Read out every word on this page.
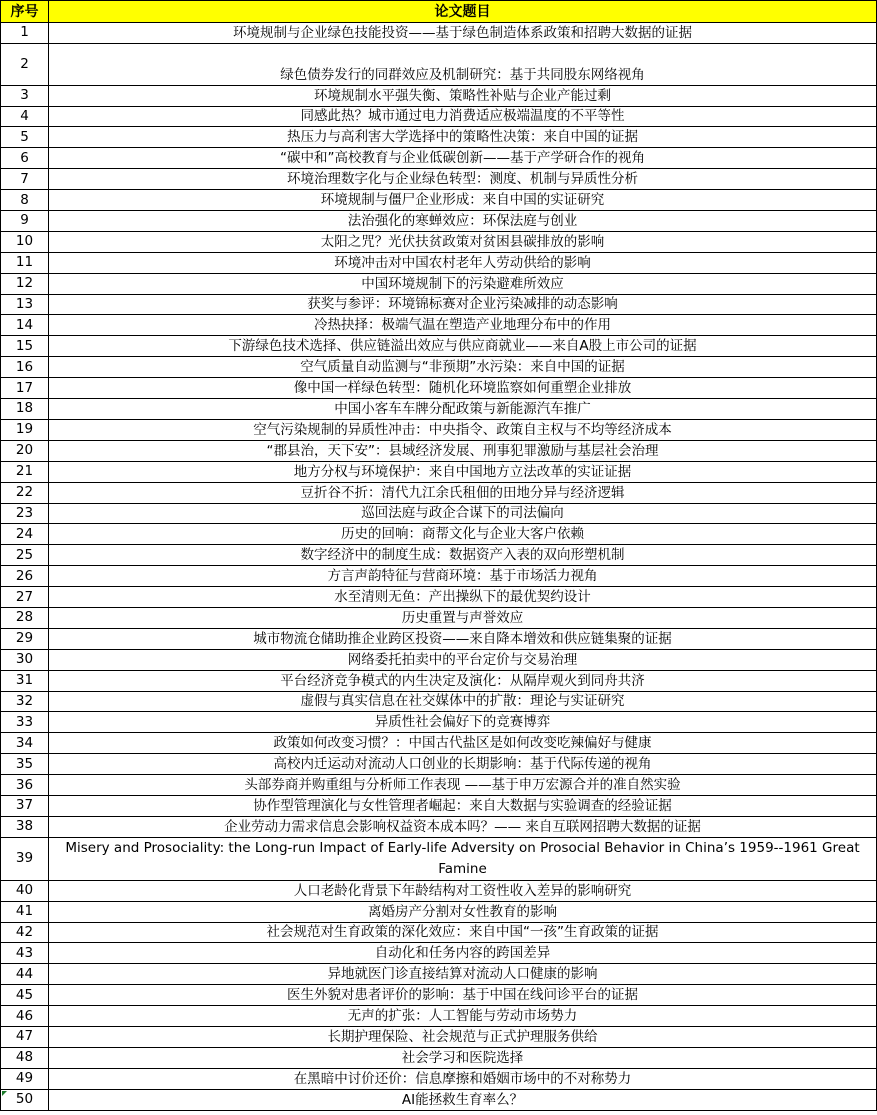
序号	论文题目
1	环境规制与企业绿色技能投资——基于绿色制造体系政策和招聘大数据的证据
2	绿色债券发行的同群效应及机制研究：基于共同股东网络视角
3	环境规制水平强失衡、策略性补贴与企业产能过剩
4	同感此热？城市通过电力消费适应极端温度的不平等性
5	热压力与高利害大学选择中的策略性决策：来自中国的证据
6	“碳中和”高校教育与企业低碳创新——基于产学研合作的视角
7	环境治理数字化与企业绿色转型：测度、机制与异质性分析
8	环境规制与僵尸企业形成：来自中国的实证研究
9	法治强化的寒蝉效应：环保法庭与创业
10	太阳之咒？光伏扶贫政策对贫困县碳排放的影响
11	环境冲击对中国农村老年人劳动供给的影响
12	中国环境规制下的污染避难所效应
13	获奖与参评：环境锦标赛对企业污染减排的动态影响
14	冷热抉择：极端气温在塑造产业地理分布中的作用
15	下游绿色技术选择、供应链溢出效应与供应商就业——来自A股上市公司的证据
16	空气质量自动监测与“非预期”水污染：来自中国的证据
17	像中国一样绿色转型：随机化环境监察如何重塑企业排放
18	中国小客车车牌分配政策与新能源汽车推广
19	空气污染规制的异质性冲击：中央指令、政策自主权与不均等经济成本
20	“郡县治，天下安”：县域经济发展、刑事犯罪激励与基层社会治理
21	地方分权与环境保护：来自中国地方立法改革的实证证据
22	豆折谷不折：清代九江余氏租佃的田地分异与经济逻辑
23	巡回法庭与政企合谋下的司法偏向
24	历史的回响：商帮文化与企业大客户依赖
25	数字经济中的制度生成：数据资产入表的双向形塑机制
26	方言声韵特征与营商环境：基于市场活力视角
27	水至清则无鱼：产出操纵下的最优契约设计
28	历史重置与声誉效应
29	城市物流仓储助推企业跨区投资——来自降本增效和供应链集聚的证据
30	网络委托拍卖中的平台定价与交易治理
31	平台经济竞争模式的内生决定及演化：从隔岸观火到同舟共济
32	虚假与真实信息在社交媒体中的扩散：理论与实证研究
33	异质性社会偏好下的竞赛博弈
34	政策如何改变习惯？：中国古代盐区是如何改变吃辣偏好与健康
35	高校内迁运动对流动人口创业的长期影响：基于代际传递的视角
36	头部券商并购重组与分析师工作表现 ——基于申万宏源合并的准自然实验
37	协作型管理演化与女性管理者崛起：来自大数据与实验调查的经验证据
38	企业劳动力需求信息会影响权益资本成本吗？—— 来自互联网招聘大数据的证据
39	Misery and Prosociality: the Long-run Impact of Early-life Adversity on Prosocial Behavior in China’s 1959--1961 Great Famine
40	人口老龄化背景下年龄结构对工资性收入差异的影响研究
41	离婚房产分割对女性教育的影响
42	社会规范对生育政策的深化效应：来自中国“一孩”生育政策的证据
43	自动化和任务内容的跨国差异
44	异地就医门诊直接结算对流动人口健康的影响
45	医生外貌对患者评价的影响：基于中国在线问诊平台的证据
46	无声的扩张：人工智能与劳动市场势力
47	长期护理保险、社会规范与正式护理服务供给
48	社会学习和医院选择
49	在黑暗中讨价还价：信息摩擦和婚姻市场中的不对称势力
50	AI能拯救生育率么？
